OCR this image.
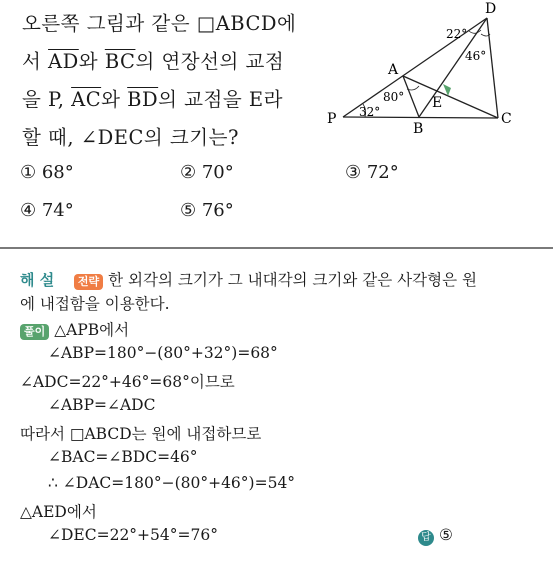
오른쪽 그림과 같은 □ABCD에
서 $\overline{AD}$와 $\overline{BC}$의 연장선의 교점
을 P, $\overline{AC}$와 $\overline{BD}$의 교점을 E라
할 때, ∠DEC의 크기는?
① 68°	② 70°	③ 72°
④ 74°	⑤ 76°
D
A
E
P
B
C
22°
46°
80°
32°
해 설 전략 한 외각의 크기가 그 내대각의 크기와 같은 사각형은 원
에 내접함을 이용한다.
풀이 △APB에서
∠ABP=180°−(80°+32°)=68°
∠ADC=22°+46°=68°이므로
∠ABP=∠ADC
따라서 □ABCD는 원에 내접하므로
∠BAC=∠BDC=46°
∴ ∠DAC=180°−(80°+46°)=54°
△AED에서
∠DEC=22°+54°=76°	답 ⑤
